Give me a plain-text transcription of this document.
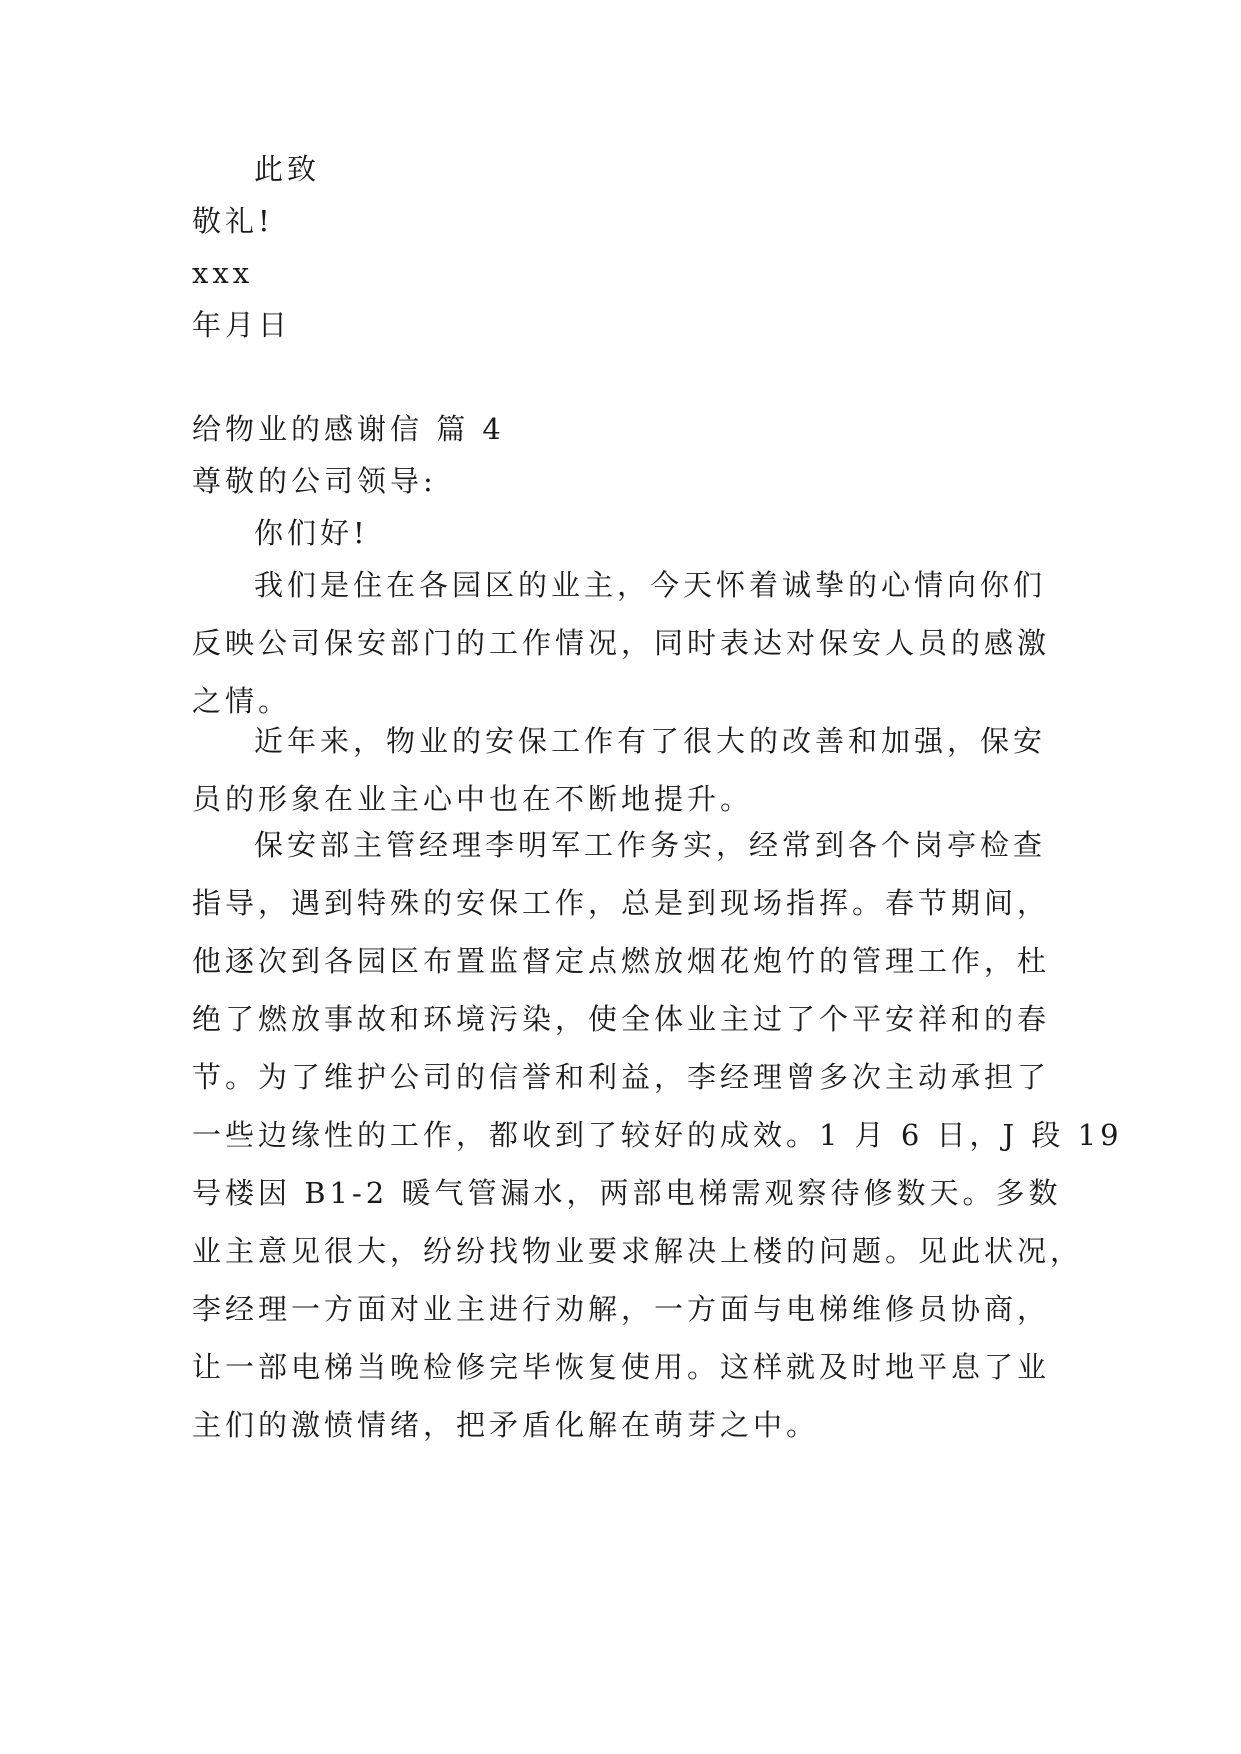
此致
敬礼!
xxx
年月日
给物业的感谢信 篇 4
尊敬的公司领导:
你们好!
我们是住在各园区的业主，今天怀着诚挚的心情向你们
反映公司保安部门的工作情况，同时表达对保安人员的感激
之情。
近年来，物业的安保工作有了很大的改善和加强，保安
员的形象在业主心中也在不断地提升。
保安部主管经理李明军工作务实，经常到各个岗亭检查
指导，遇到特殊的安保工作，总是到现场指挥。春节期间，
他逐次到各园区布置监督定点燃放烟花炮竹的管理工作，杜
绝了燃放事故和环境污染，使全体业主过了个平安祥和的春
节。为了维护公司的信誉和利益，李经理曾多次主动承担了
一些边缘性的工作，都收到了较好的成效。1 月 6 日，J 段 19
号楼因 B1-2 暖气管漏水，两部电梯需观察待修数天。多数
业主意见很大，纷纷找物业要求解决上楼的问题。见此状况，
李经理一方面对业主进行劝解，一方面与电梯维修员协商，
让一部电梯当晚检修完毕恢复使用。这样就及时地平息了业
主们的激愤情绪，把矛盾化解在萌芽之中。
